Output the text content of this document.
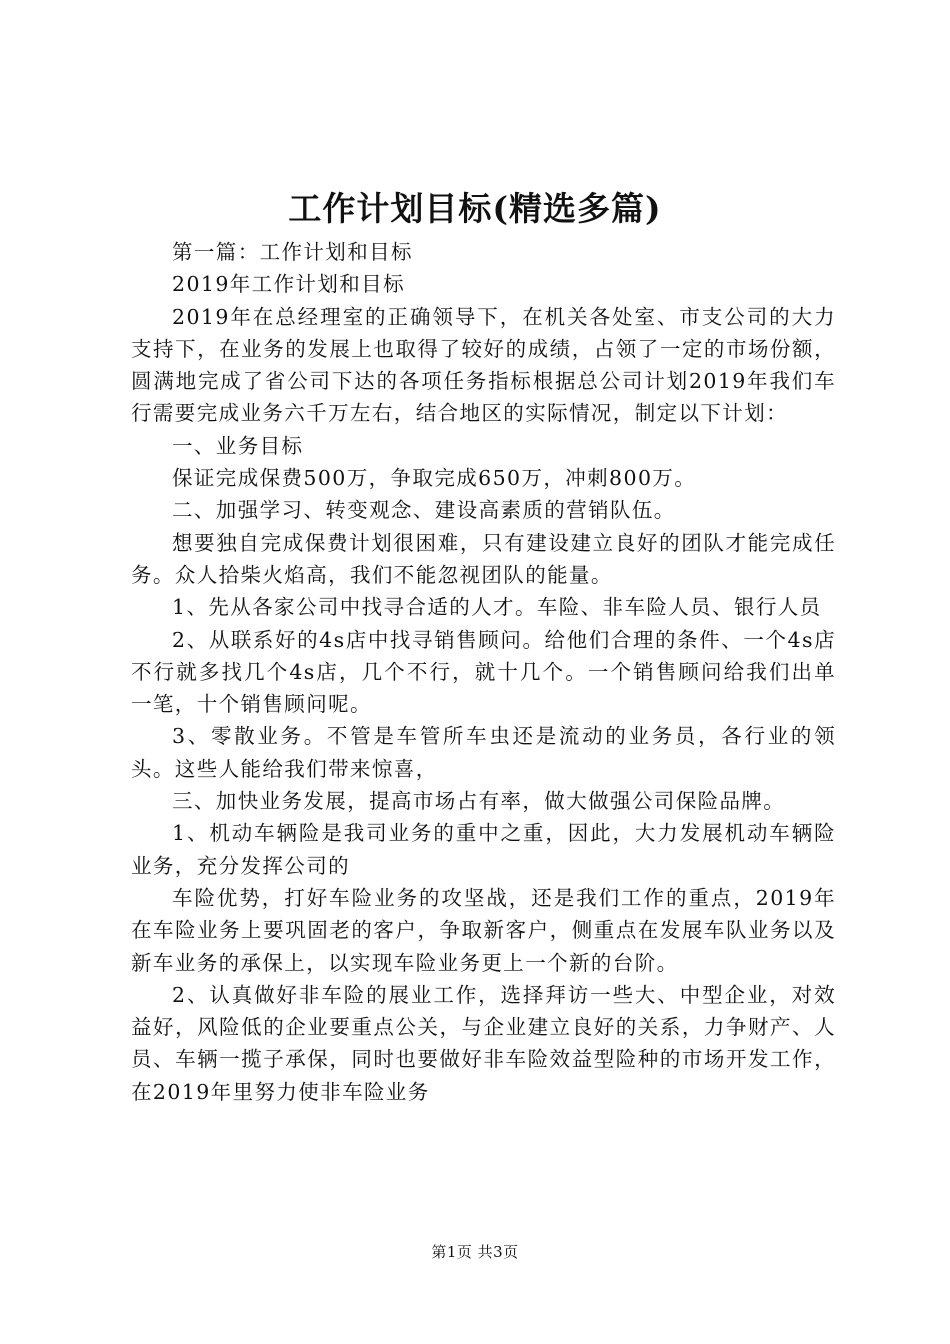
工作计划目标(精选多篇)

第一篇：工作计划和目标

2019年工作计划和目标

2019年在总经理室的正确领导下，在机关各处室、市支公司的大力支持下，在业务的发展上也取得了较好的成绩，占领了一定的市场份额，圆满地完成了省公司下达的各项任务指标根据总公司计划2019年我们车行需要完成业务六千万左右，结合地区的实际情况，制定以下计划：

一、业务目标

保证完成保费500万，争取完成650万，冲刺800万。

二、加强学习、转变观念、建设高素质的营销队伍。

想要独自完成保费计划很困难，只有建设建立良好的团队才能完成任务。众人拾柴火焰高，我们不能忽视团队的能量。

1、先从各家公司中找寻合适的人才。车险、非车险人员、银行人员

2、从联系好的4s店中找寻销售顾问。给他们合理的条件、一个4s店不行就多找几个4s店，几个不行，就十几个。一个销售顾问给我们出单一笔，十个销售顾问呢。

3、零散业务。不管是车管所车虫还是流动的业务员，各行业的领头。这些人能给我们带来惊喜，

三、加快业务发展，提高市场占有率，做大做强公司保险品牌。

1、机动车辆险是我司业务的重中之重，因此，大力发展机动车辆险业务，充分发挥公司的

车险优势，打好车险业务的攻坚战，还是我们工作的重点，2019年在车险业务上要巩固老的客户，争取新客户，侧重点在发展车队业务以及新车业务的承保上，以实现车险业务更上一个新的台阶。

2、认真做好非车险的展业工作，选择拜访一些大、中型企业，对效益好，风险低的企业要重点公关，与企业建立良好的关系，力争财产、人员、车辆一揽子承保，同时也要做好非车险效益型险种的市场开发工作，在2019年里努力使非车险业务

第1页 共3页
